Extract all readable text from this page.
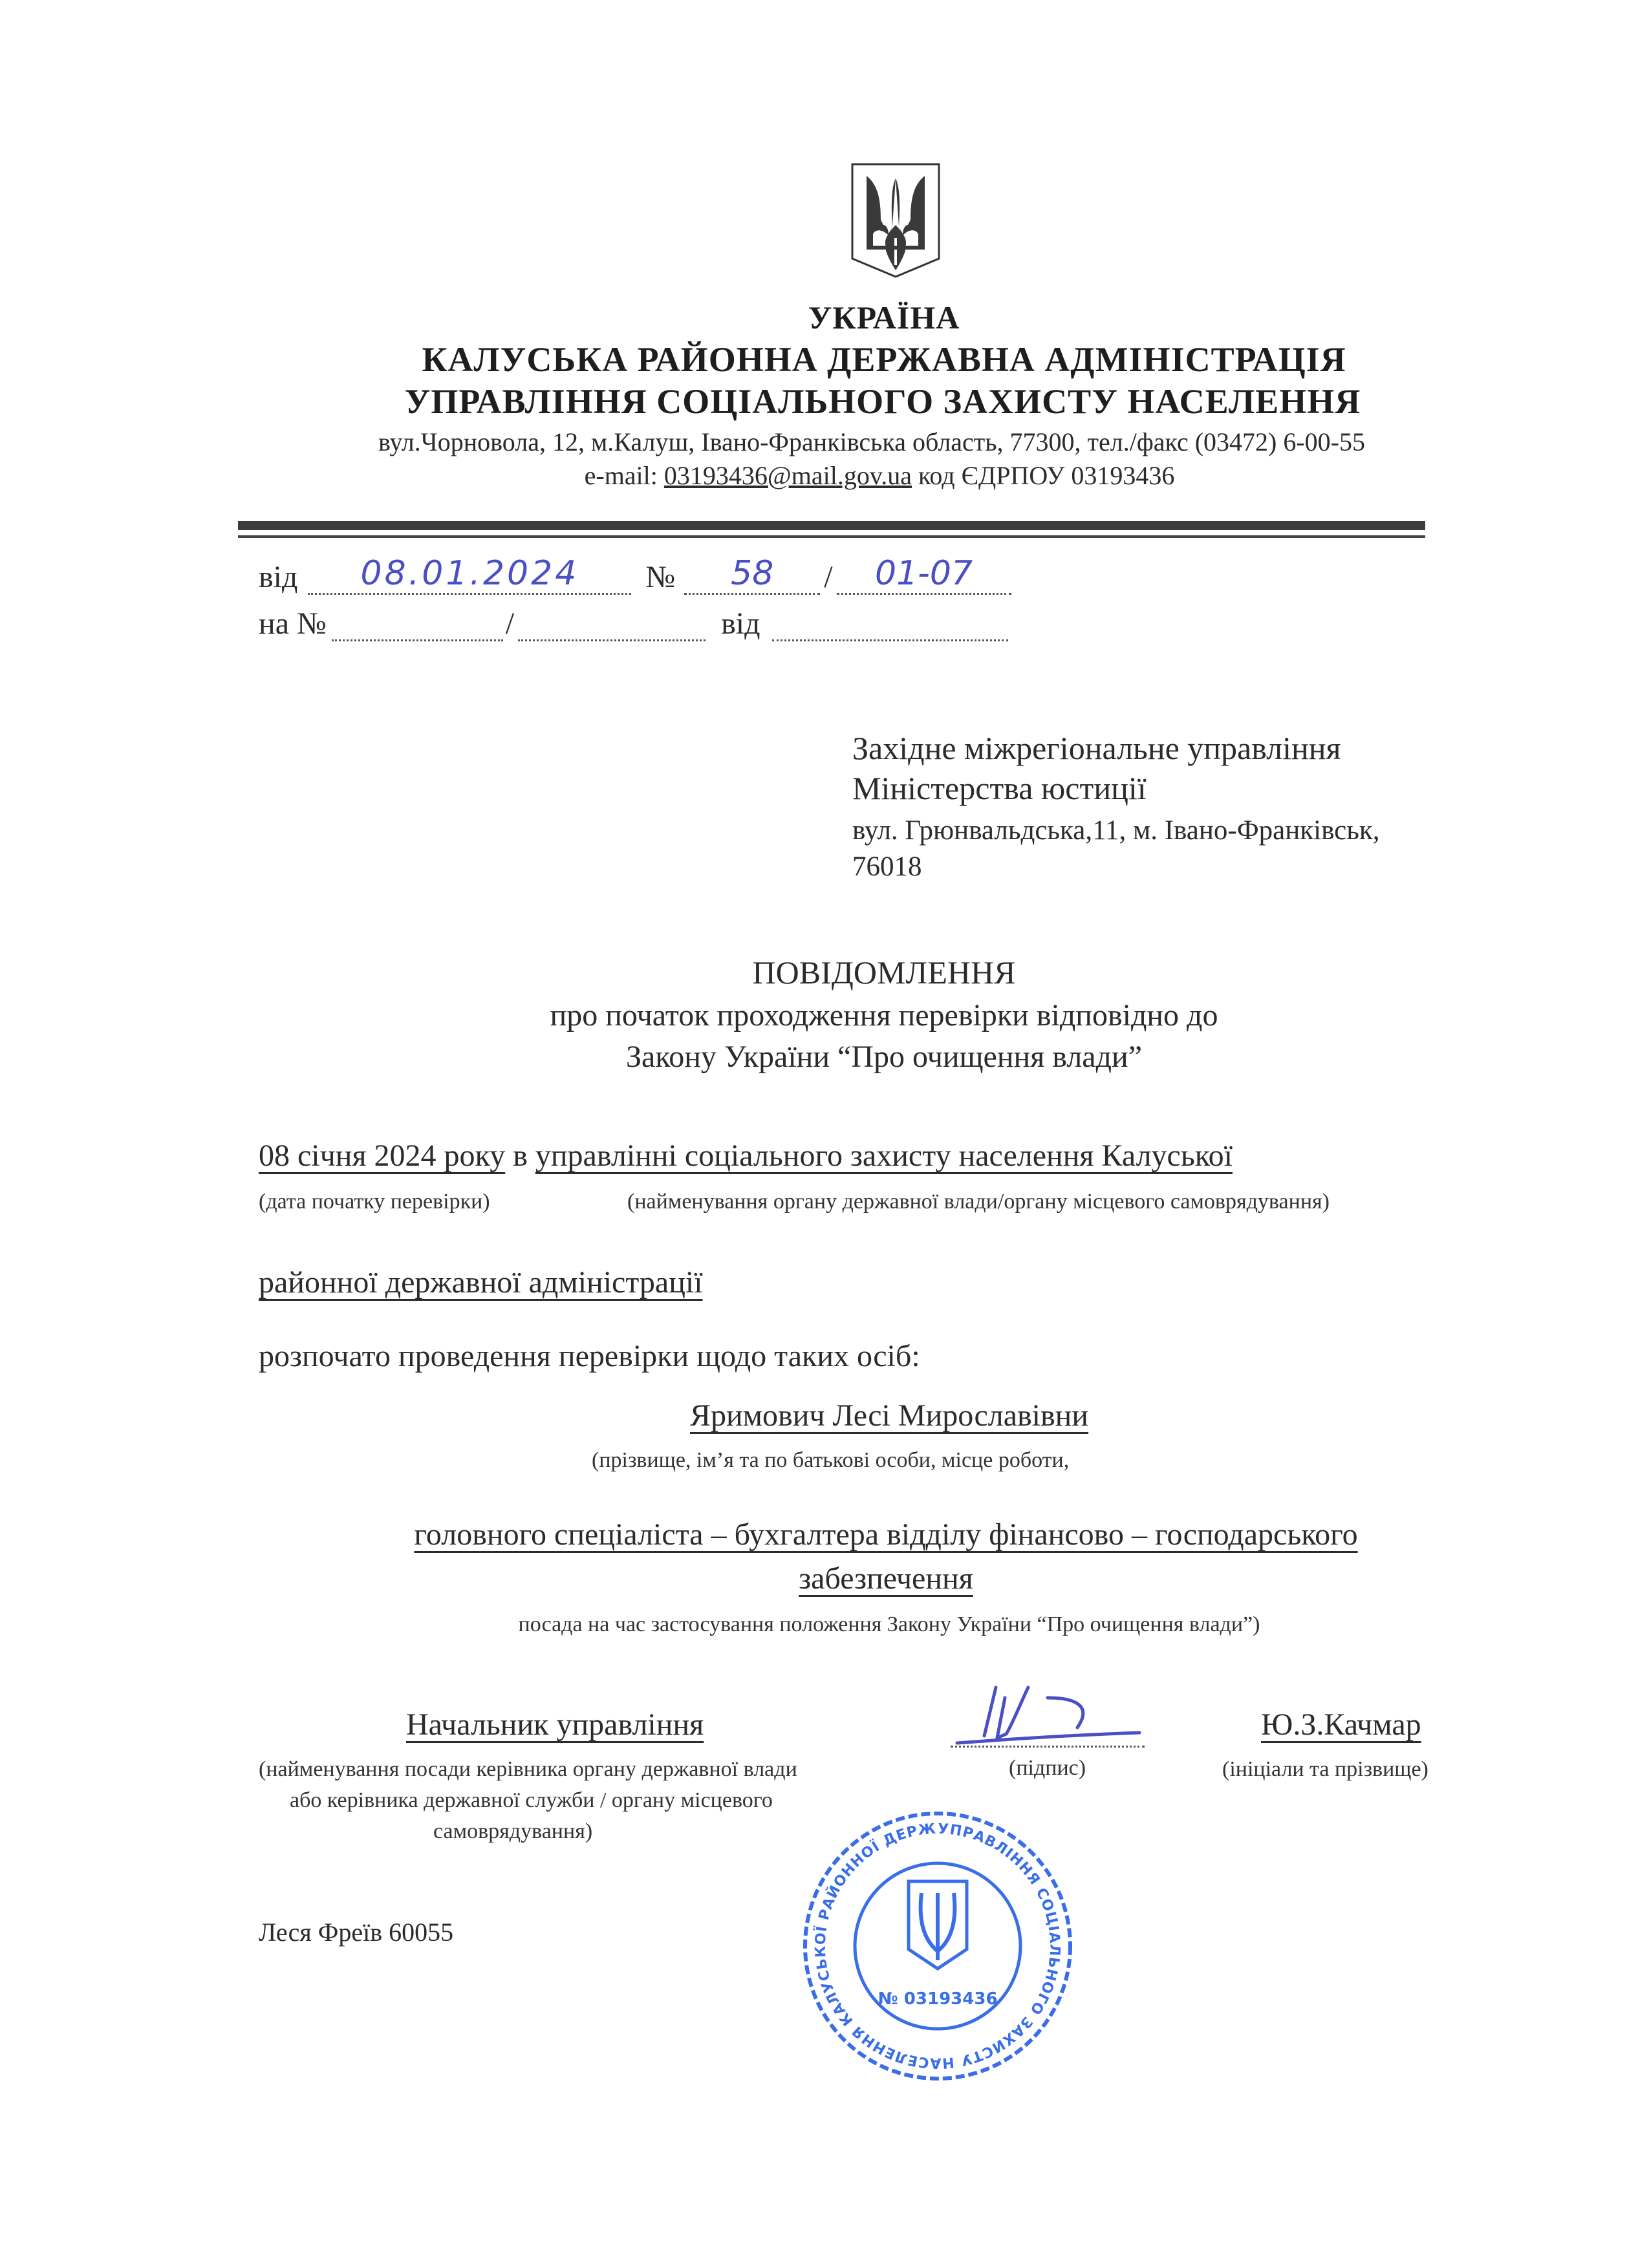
УКРАЇНА
КАЛУСЬКА РАЙОННА ДЕРЖАВНА АДМІНІСТРАЦІЯ
УПРАВЛІННЯ СОЦІАЛЬНОГО ЗАХИСТУ НАСЕЛЕННЯ
вул.Чорновола, 12, м.Калуш, Івано-Франківська область, 77300, тел./факс (03472) 6-00-55
e-mail: 03193436@mail.gov.ua код ЄДРПОУ 03193436
від	08.01.2024	№	58	/	01-07
на №	/	від
Західне міжрегіональне управління
Міністерства юстиції
вул. Грюнвальдська,11, м. Івано-Франківськ,
76018
ПОВІДОМЛЕННЯ
про початок проходження перевірки відповідно до
Закону України “Про очищення влади”
08 січня 2024 року в управлінні соціального захисту населення Калуської
(дата початку перевірки)	(найменування органу державної влади/органу місцевого самоврядування)
районної державної адміністрації
розпочато проведення перевірки щодо таких осіб:
Яримович Лесі Мирославівни
(прізвище, ім’я та по батькові особи, місце роботи,
головного спеціаліста – бухгалтера відділу фінансово – господарського
забезпечення
посада на час застосування положення Закону України “Про очищення влади”)
Начальник управління
(найменування посади керівника органу державної влади
або керівника державної служби / органу місцевого
самоврядування)	УПРАВЛІННЯ СОЦІАЛЬНОГО ЗАХИСТУ НАСЕЛЕННЯ КАЛУСЬКОЇ РАЙОННОЇ ДЕРЖ
№ 03193436
(підпис)
Ю.З.Качмар
(ініціали та прізвище)
Леся Фреїв 60055
